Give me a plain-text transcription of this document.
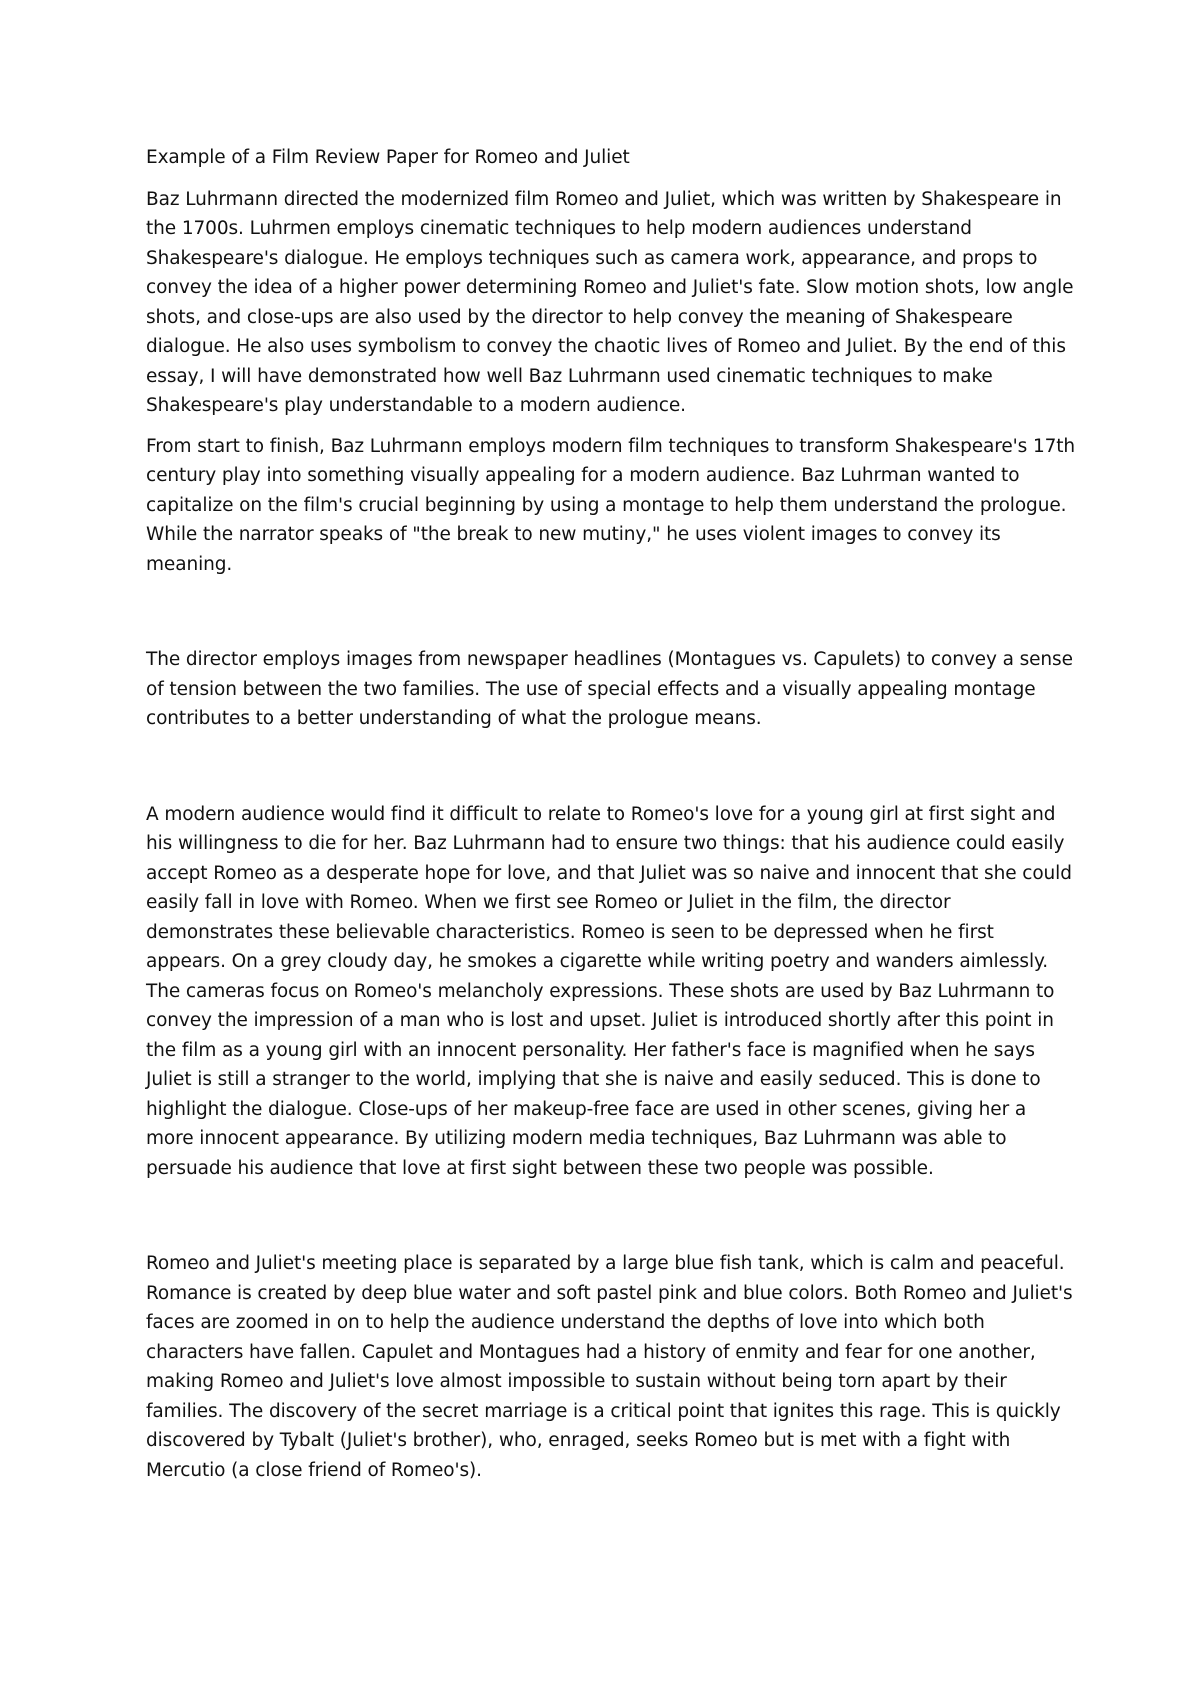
Example of a Film Review Paper for Romeo and Juliet

Baz Luhrmann directed the modernized film Romeo and Juliet, which was written by Shakespeare in the 1700s. Luhrmen employs cinematic techniques to help modern audiences understand Shakespeare's dialogue. He employs techniques such as camera work, appearance, and props to convey the idea of a higher power determining Romeo and Juliet's fate. Slow motion shots, low angle shots, and close-ups are also used by the director to help convey the meaning of Shakespeare dialogue. He also uses symbolism to convey the chaotic lives of Romeo and Juliet. By the end of this essay, I will have demonstrated how well Baz Luhrmann used cinematic techniques to make Shakespeare's play understandable to a modern audience.

From start to finish, Baz Luhrmann employs modern film techniques to transform Shakespeare's 17th century play into something visually appealing for a modern audience. Baz Luhrman wanted to capitalize on the film's crucial beginning by using a montage to help them understand the prologue. While the narrator speaks of "the break to new mutiny," he uses violent images to convey its meaning.

The director employs images from newspaper headlines (Montagues vs. Capulets) to convey a sense of tension between the two families. The use of special effects and a visually appealing montage contributes to a better understanding of what the prologue means.

A modern audience would find it difficult to relate to Romeo's love for a young girl at first sight and his willingness to die for her. Baz Luhrmann had to ensure two things: that his audience could easily accept Romeo as a desperate hope for love, and that Juliet was so naive and innocent that she could easily fall in love with Romeo. When we first see Romeo or Juliet in the film, the director demonstrates these believable characteristics. Romeo is seen to be depressed when he first appears. On a grey cloudy day, he smokes a cigarette while writing poetry and wanders aimlessly. The cameras focus on Romeo's melancholy expressions. These shots are used by Baz Luhrmann to convey the impression of a man who is lost and upset. Juliet is introduced shortly after this point in the film as a young girl with an innocent personality. Her father's face is magnified when he says Juliet is still a stranger to the world, implying that she is naive and easily seduced. This is done to highlight the dialogue. Close-ups of her makeup-free face are used in other scenes, giving her a more innocent appearance. By utilizing modern media techniques, Baz Luhrmann was able to persuade his audience that love at first sight between these two people was possible.

Romeo and Juliet's meeting place is separated by a large blue fish tank, which is calm and peaceful. Romance is created by deep blue water and soft pastel pink and blue colors. Both Romeo and Juliet's faces are zoomed in on to help the audience understand the depths of love into which both characters have fallen. Capulet and Montagues had a history of enmity and fear for one another, making Romeo and Juliet's love almost impossible to sustain without being torn apart by their families. The discovery of the secret marriage is a critical point that ignites this rage. This is quickly discovered by Tybalt (Juliet's brother), who, enraged, seeks Romeo but is met with a fight with Mercutio (a close friend of Romeo's).
